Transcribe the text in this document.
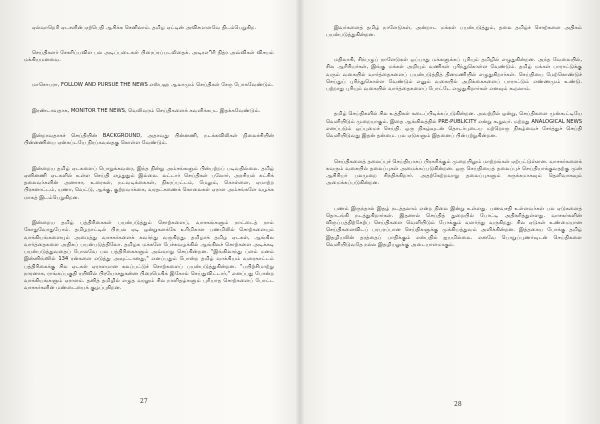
ஏல்வாறெரி ஏடசளின் ஏற்பெதி ஆசிக்க செனிலாம். தமிழ ஏட்டின் அவிசமாளவே திடம்பெறுகிற.

செய்திகளர் சேகரிப்பவிள பல அடிப்படைகள் பிரைப்ரப்படலிதைக். அடிரஎிரி நித்ர அவ்விகள் விசயம் மக்கியமனவை.

மாசொபரா, FOLLOW AND PURSUE THE NEWS எஸ்பஹ ஆலாமும் செய்திகள் சேரு போகவேண்டும்.

இரண்டாவதாக, MONITOR THE NEWS, வெலிவரம் செய்திகளைக் கவளிக்கபட இதக்கவேண்டும்.

இன்றாவதாகச் செய்தியின் BACKGROUND, அதாவது பின்னணி, நடக்கவிலிகள் நிலைச்சியின் பின்னணியை ஏன்கப்டயே நிரப்கவலதகு கொள்ள வேண்டும்.

இன்றைய தமிழ் ஏடகளைப் பொறுக்கவரை, இந்த நின்று அம்சங்களும் பின்பற்றப் படிவதில்லை. தமிழ் ஏனினணி ஏடகளில் உள்ள செய்தி எழதுதும் இல்லை. லட்டார் செய்திகள் பலோர், அரசியல் கட்சிக் தலைவர்களின் அனாசா, உரைகள், நடவடிக்கைகள், நிகரப்பட்டம், மேலும், கொள்ளை, ஏமாற்ற பிரசனாட்டம், யணா, வெட்டு, ஆக்கு, குற்றவாக்கை, வரதட்சணைக் கொலைகள் ஏராள அம்சங்களே வழக்க மாகத் இடம்பெறுகிறன.

இன்றைய தமிழ் பத்திரிகைகள் பயன்படுத்தும் சொற்களைப், வாசகங்களும் நாட்டைத் நாம் கோதுவோதுபோம். தமிழறாட்டில் பிரபல ஏடி ஒன்றுகளக்கே உரிமிகாள பணமிலில் சொற்களையும் வாக்கியங்களையும் அமைத்து வாசகர்களைக் கவர்ந்து வருகிறது. தமிழாக் தமிழ ஏடகள், ஆங்கில வார்த்தைகளை அதிகப் பயன்படுத்திலோ. தமிழக மக்களே பேச்சுவழக்கில் ஆங்கிலச் சொற்களை அடிக்கடி பயன்படுத்துவதைப் போலவே பல பத்திரிகைகளும் அவ்வாறு செய்கின்றன. "இங்கிலாந்து ப்ளம் மனம் இன்னிங்ஸில் 134 ரன்களை எடுத்து அவுட்டானது," எனப்பதும் போன்ற தமிழ் வாக்கியம் வரைகாட்டம் பத்திரிகைக்கு சில ஏடகள் ஏராளமான கலப்பட்டுச் சொற்களைப் பயன்படுத்துகின்றன. "பயிற்சிமாற்று நாரனாக, ராங்கப்பகுதி ரயிவில் பிரயோசதுகன்ன பிரைமெகிக் இகோல் செய்துவிட்டார்," எனப்பது போன்ற வாக்கியங்களும் ஏராளம். தனித் தமிழில் எழுத வரலும் சில நாளிதழ்களும் புரியாத சொற்களைப் போட்ட வாசகர்களின் மண்டையைக் குழப்புகிறன.

27

இவர்களைத் தமிழ் நாளேடுகள், அன்றாட மக்கள் பயன்படுத்தும், தலை தமிழ்ச் சொற்களை அதிகம் பயன்படுத்துகின்றன.

மதிலாகி, சிந்பழுப் நாளேடுகள் ஒப்பாது மக்களுக்கப் புரியும் தமிழில் எழுதுகின்றன. அந்த வேலையில், சில ஆரிரியர்கள், இங்கு மக்கள் அறியும் வணிகள் புரிந்துகொள்ள வேண்டும். தமிழ் மக்கள் பாராட்டுக்கு வரும் வகையில் வார்த்தைகளைப் பயன்படுத்தித் தினமணியில் எழுதுகிறார்கள். செய்தியை மேற்கொண்டுச் செய்துப் புரிந்துகொள்ள வேண்டும் எனும் வகையில் அறிக்கைகளைப் பாராட்டும் எண்ணமும் உண்டு. பற்றாது புரியும் வகையில் வார்த்தைகளைப் போட்டே எழுதுகிறார்கள் எனவும் கூறலாம்.

தமிழ் செய்திகளில் சில உத்திகள் கடைப்பிடிக்கப்படுகின்றன. அவற்றில் ஒன்று, செய்திகளை முன்கூட்டியே வெளியிடும் முறையாகும். இதை ஆங்கிலத்தில் PRE-PUBLICITY என்று கூறுவர். மற்றது ANALOGICAL NEWS எனப்படும் ஒப்புமைச் செய்தி. ஒரு நிகழ்வுடன் தொடர்புடைய மற்றொரு நிகழ்வைச் சேர்த்துச் செய்தி வெளியிடுவது இதன் தன்மை. பல ஏடுகளும் இதனைப் பின்பற்றுகின்றன.

செய்திகளைத் தலைப்புச் செய்தியாகப் பிரசுரிக்கும் முறையிலும் மாற்றங்கள் ஏற்பட்டுள்ளன. வாசகர்களைக் கவரும் வகையில் தலைப்புகள் அமைக்கப்படுகின்றன. ஒரு செய்தியைத் தலைப்புச் செய்தியாக்குவதற்கு முன் ஆசிரியர் பலமுறை சிந்திக்கிறார். அதற்கேற்றவாறு தலைப்புகளும் சுருக்கமாகவும் தெளிவாகவும் அமைக்கப்படுகின்றன.

பணம் இருந்தால் இதழ் நடத்தலாம் என்ற நிலை இன்று உள்ளது. பணவசதி உள்ளவர்கள் பல ஏடுகளைத் தொடங்கி நடத்துகிறார்கள். இதனால் செய்தித் துறையில் போட்டி அதிகரித்துள்ளது. வாசகர்களின் விருப்பத்திற்கேற்ப செய்திகளை வெளியிடும் போக்கும் வளர்ந்து வருகிறது. சில ஏடுகள் உண்மையான செய்திகளைவிடப் பரபரப்பான செய்திகளுக்கு முக்கியத்துவம் அளிக்கின்றன. இத்தகைய போக்கு தமிழ் இதழியலின் தரத்தைப் பாதிக்கும் என்பதில் ஐயமில்லை. எனவே பொறுப்புணர்வுடன் செய்திகளை வெளியிடுவதே நல்ல இதழியலுக்கு அடையாளமாகும்.

28
